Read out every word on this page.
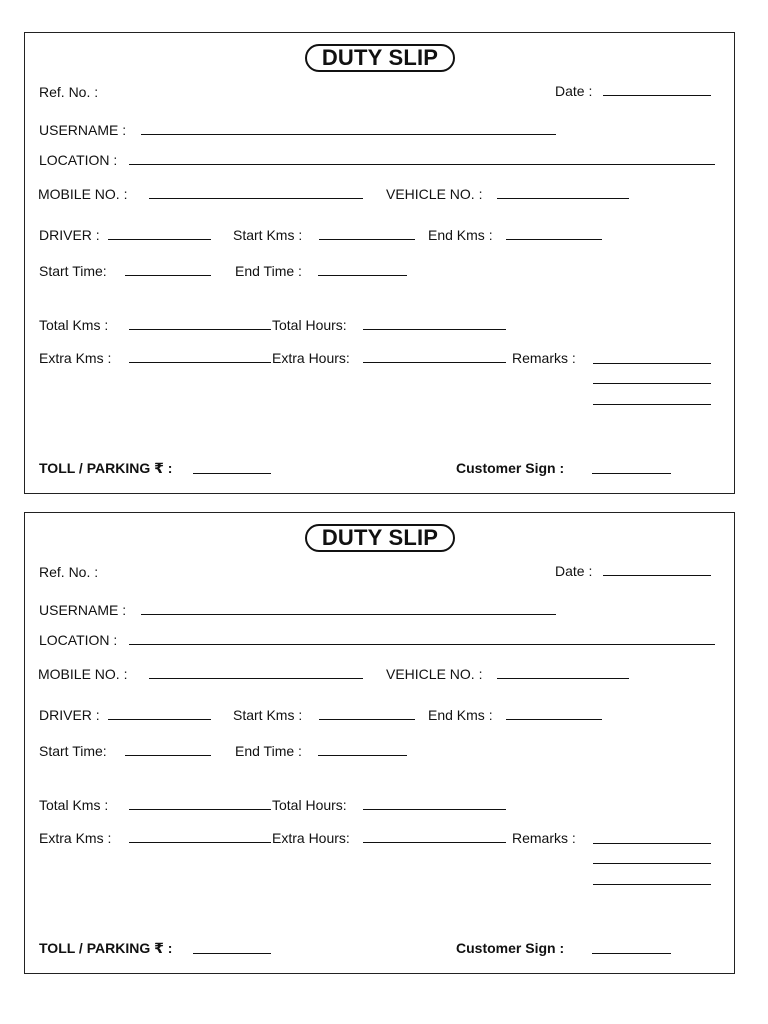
DUTY SLIP
Ref. No. :	Date :
USERNAME :
LOCATION :
MOBILE NO. :	VEHICLE NO. :
DRIVER :	Start Kms :	End Kms :
Start Time:	End Time :
Total Kms :	Total Hours:
Extra Kms :	Extra Hours:	Remarks :
TOLL / PARKING ₹ :	Customer Sign :
DUTY SLIP
Ref. No. :	Date :
USERNAME :
LOCATION :
MOBILE NO. :	VEHICLE NO. :
DRIVER :	Start Kms :	End Kms :
Start Time:	End Time :
Total Kms :	Total Hours:
Extra Kms :	Extra Hours:	Remarks :
TOLL / PARKING ₹ :	Customer Sign :
